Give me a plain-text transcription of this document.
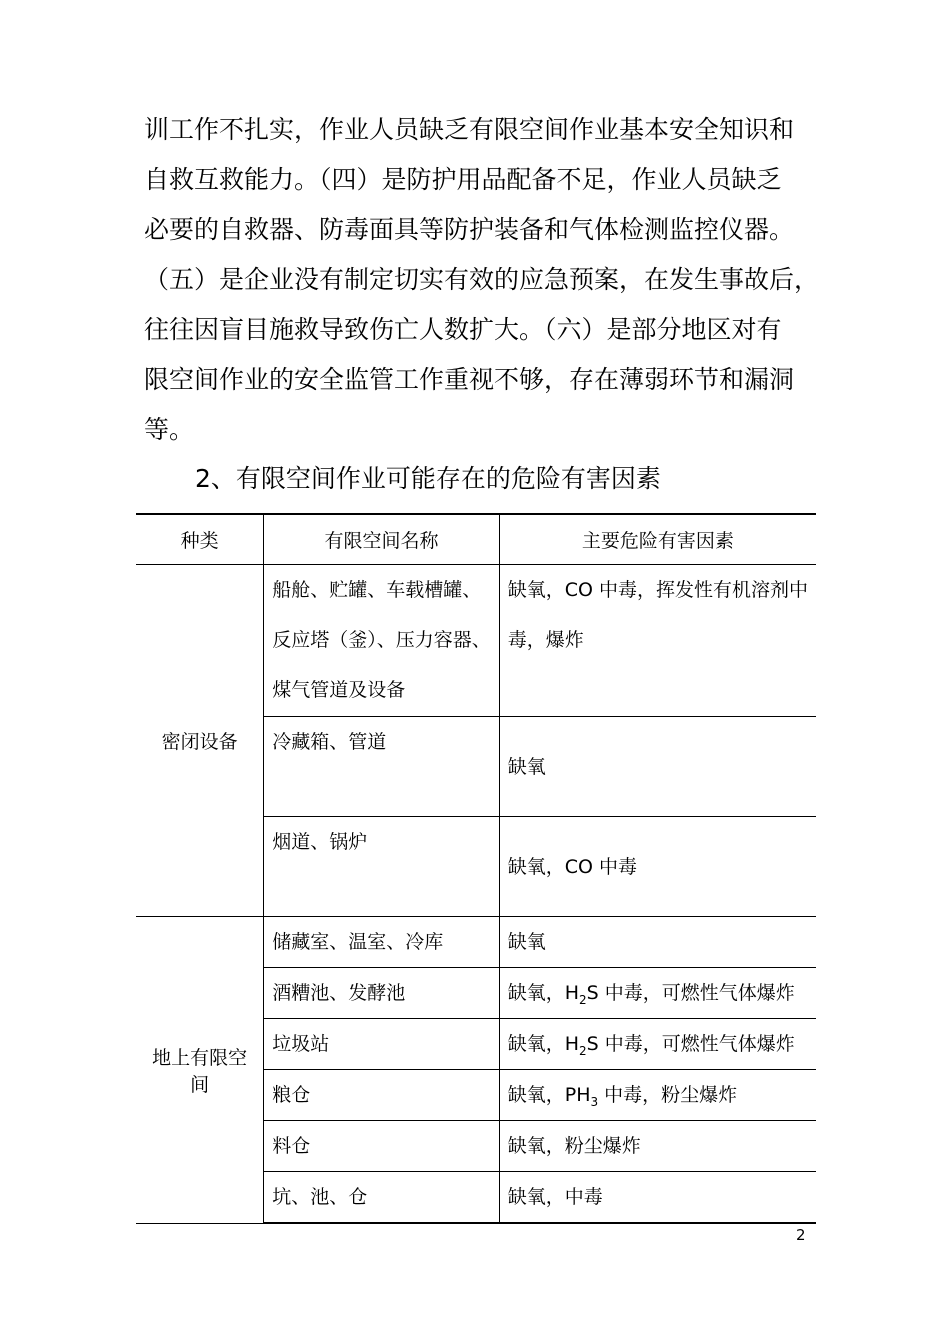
训工作不扎实，作业人员缺乏有限空间作业基本安全知识和
自救互救能力。（四）是防护用品配备不足，作业人员缺乏
必要的自救器、防毒面具等防护装备和气体检测监控仪器。
（五）是企业没有制定切实有效的应急预案，在发生事故后，
往往因盲目施救导致伤亡人数扩大。（六）是部分地区对有
限空间作业的安全监管工作重视不够，存在薄弱环节和漏洞
等。
2、有限空间作业可能存在的危险有害因素
种类	有限空间名称	主要危险有害因素
密闭设备	船舱、贮罐、车载槽罐、
反应塔（釜）、压力容器、
煤气管道及设备	缺氧，CO 中毒，挥发性有机溶剂中
毒，爆炸

	冷藏箱、管道	缺氧

	烟道、锅炉	缺氧，CO 中毒

地上有限空间	储藏室、温室、冷库	缺氧

	酒糟池、发酵池	缺氧，$H_2S$ 中毒，可燃性气体爆炸

	垃圾站	缺氧，$H_2S$ 中毒，可燃性气体爆炸

	粮仓	缺氧，$PH_3$ 中毒，粉尘爆炸

	料仓	缺氧，粉尘爆炸

	坑、池、仓	缺氧，中毒
2
